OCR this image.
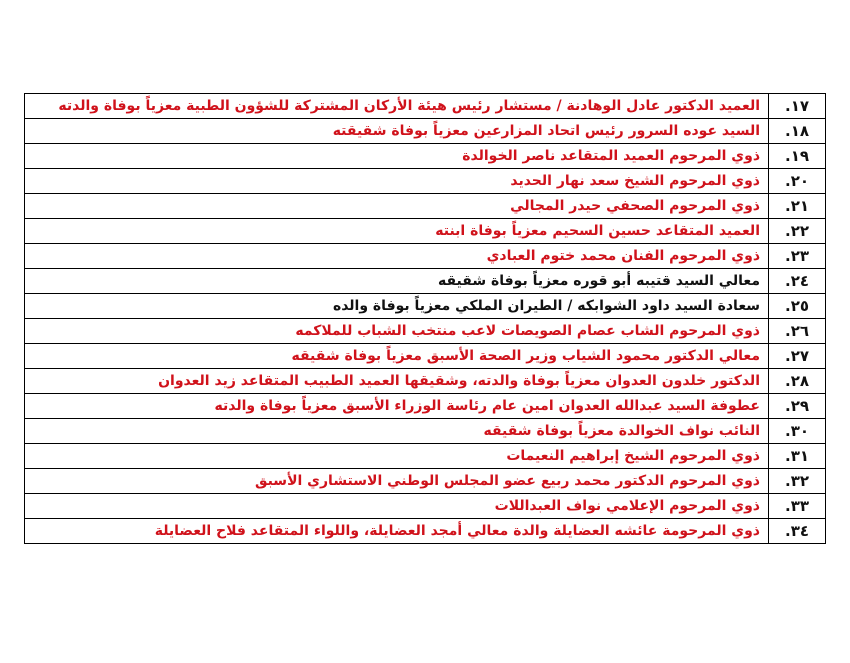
١٧.	العميد الدكتور عادل الوهادنة / مستشار رئيس هيئة الأركان المشتركة للشؤون الطبية معزياً بوفاة والدته
١٨.	السيد عوده السرور رئيس اتحاد المزارعين معزياً بوفاة شقيقته
١٩.	ذوي المرحوم العميد المتقاعد ناصر الخوالدة
٢٠.	ذوي المرحوم الشيخ سعد نهار الحديد
٢١.	ذوي المرحوم الصحفي حيدر المجالي
٢٢.	العميد المتقاعد حسين السحيم معزياً بوفاة ابنته
٢٣.	ذوي المرحوم الفنان محمد ختوم العبادي
٢٤.	معالي السيد قتيبه أبو قوره معزياً بوفاة شقيقه
٢٥.	سعادة السيد داود الشوابكه / الطيران الملكي معزياً بوفاة والده
٢٦.	ذوي المرحوم الشاب عصام الصويصات لاعب منتخب الشباب للملاكمه
٢٧.	معالي الدكتور محمود الشياب وزير الصحة الأسبق معزياً بوفاة شقيقه
٢٨.	الدكتور خلدون العدوان معزياً بوفاة والدته، وشقيقها العميد الطبيب المتقاعد زيد العدوان
٢٩.	عطوفة السيد عبدالله العدوان امين عام رئاسة الوزراء الأسبق معزياً بوفاة والدته
٣٠.	النائب نواف الخوالدة معزياً بوفاة شقيقه
٣١.	ذوي المرحوم الشيخ إبراهيم النعيمات
٣٢.	ذوي المرحوم الدكتور محمد ربيع عضو المجلس الوطني الاستشاري الأسبق
٣٣.	ذوي المرحوم الإعلامي نواف العبداللات
٣٤.	ذوي المرحومة عائشه العضايلة والدة معالي أمجد العضايلة، واللواء المتقاعد فلاح العضايلة
